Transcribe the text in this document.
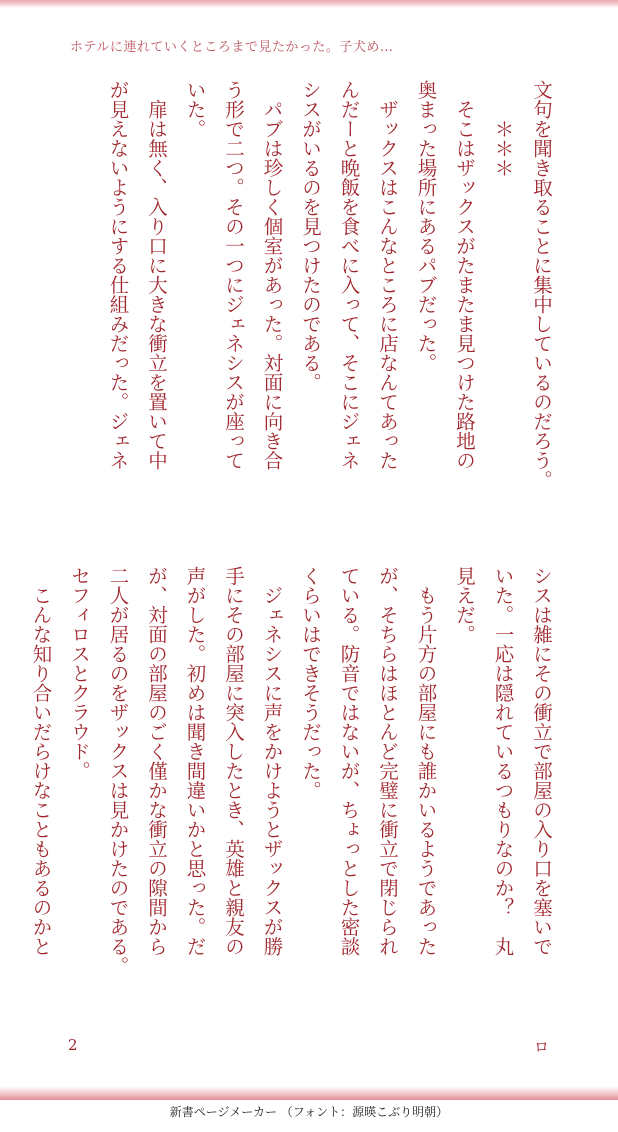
ホテルに連れていくところまで見たかった。子犬め…
文句を聞き取ることに集中しているのだろう。
　　＊＊＊
　そこはザックスがたまたま見つけた路地の
奥まった場所にあるパブだった。
　ザックスはこんなところに店なんてあった
んだーと晩飯を食べに入って、そこにジェネ
シスがいるのを見つけたのである。
　パブは珍しく個室があった。対面に向き合
う形で二つ。その一つにジェネシスが座って
いた。
　扉は無く、入り口に大きな衝立を置いて中
が見えないようにする仕組みだった。ジェネ
シスは雑にその衝立で部屋の入り口を塞いで
いた。一応は隠れているつもりなのか？　丸
見えだ。
　もう片方の部屋にも誰かいるようであった
が、そちらはほとんど完璧に衝立で閉じられ
ている。防音ではないが、ちょっとした密談
くらいはできそうだった。
　ジェネシスに声をかけようとザックスが勝
手にその部屋に突入したとき、英雄と親友の
声がした。初めは聞き間違いかと思った。だ
が、対面の部屋のごく僅かな衝立の隙間から
二人が居るのをザックスは見かけたのである。
セフィロスとクラウド。
　こんな知り合いだらけなこともあるのかと
2	ロ
新書ページメーカー （フォント：源暎こぶり明朝）
